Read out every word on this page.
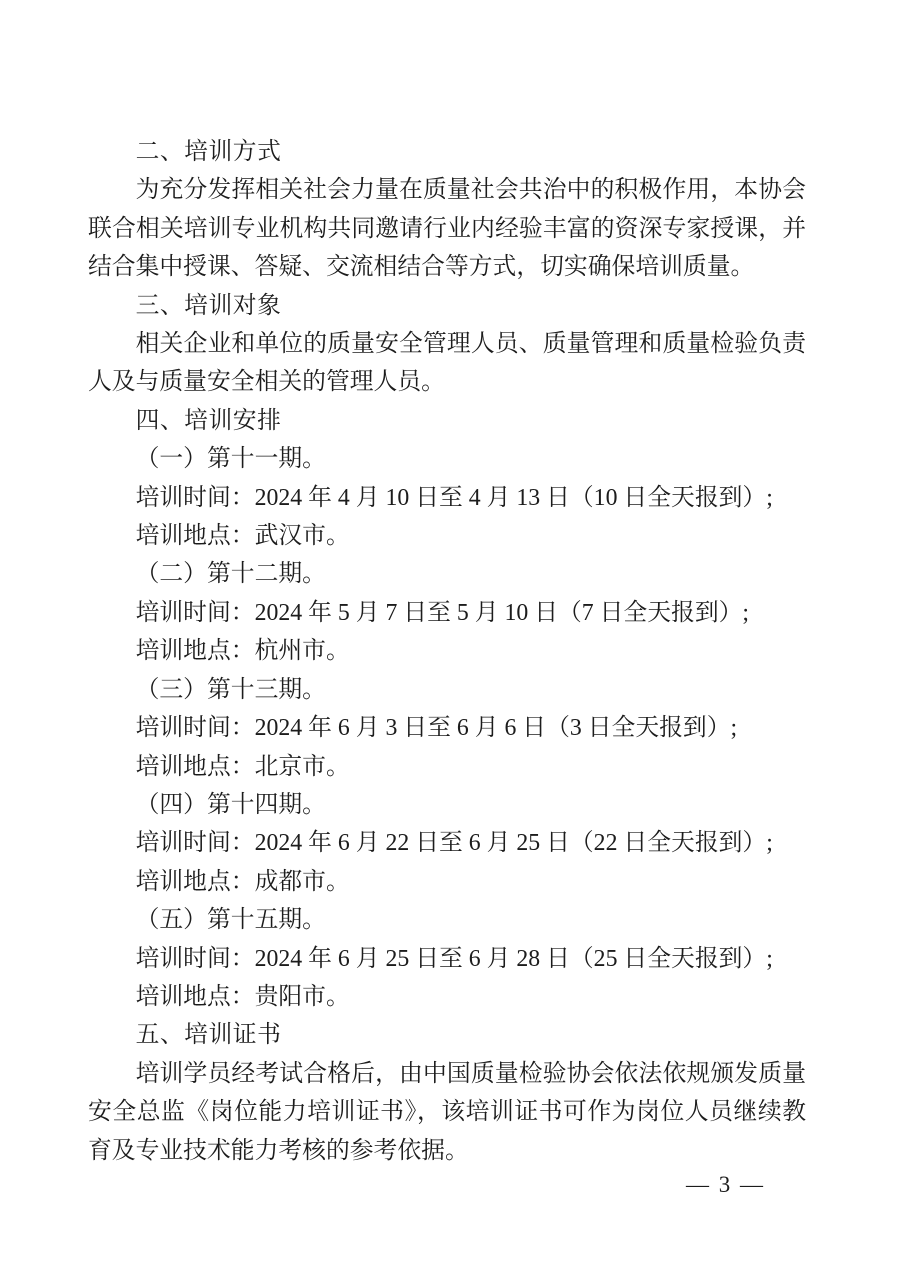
二、培训方式

为充分发挥相关社会力量在质量社会共治中的积极作用，本协会联合相关培训专业机构共同邀请行业内经验丰富的资深专家授课，并结合集中授课、答疑、交流相结合等方式，切实确保培训质量。

三、培训对象

相关企业和单位的质量安全管理人员、质量管理和质量检验负责人及与质量安全相关的管理人员。

四、培训安排

（一）第十一期。

培训时间：2024 年 4 月 10 日至 4 月 13 日（10 日全天报到）;

培训地点：武汉市。

（二）第十二期。

培训时间：2024 年 5 月 7 日至 5 月 10 日（7 日全天报到）;

培训地点：杭州市。

（三）第十三期。

培训时间：2024 年 6 月 3 日至 6 月 6 日（3 日全天报到）;

培训地点：北京市。

（四）第十四期。

培训时间：2024 年 6 月 22 日至 6 月 25 日（22 日全天报到）;

培训地点：成都市。

（五）第十五期。

培训时间：2024 年 6 月 25 日至 6 月 28 日（25 日全天报到）;

培训地点：贵阳市。

五、培训证书

培训学员经考试合格后，由中国质量检验协会依法依规颁发质量安全总监《岗位能力培训证书》，该培训证书可作为岗位人员继续教育及专业技术能力考核的参考依据。

— 3 —
